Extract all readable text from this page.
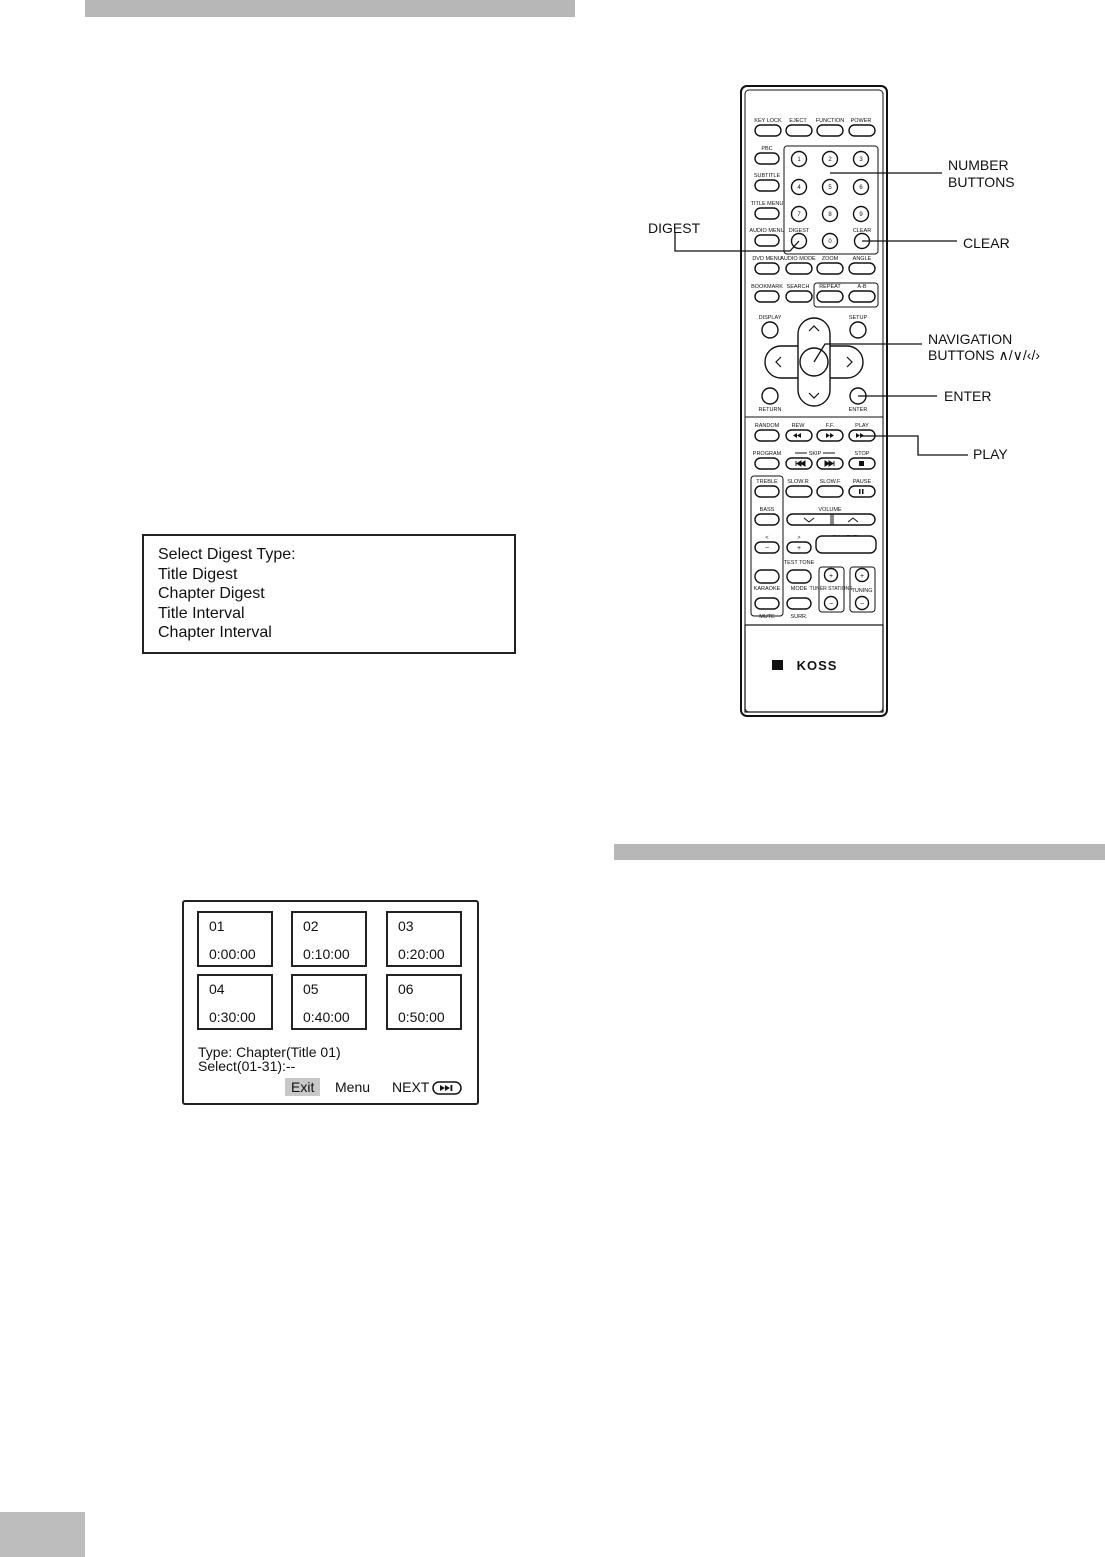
Select Digest Type:
Title Digest
Chapter Digest
Title Interval
Chapter Interval
01
0:00:00
02
0:10:00
03
0:20:00
04
0:30:00
05
0:40:00
06
0:50:00
Type: Chapter(Title 01)
Select(01-31):--
Exit	Menu NEXT
KEY LOCK EJECT FUNCTION POWER
PBC
SUBTITLE
TITLE MENU
AUDIO MENU DIGEST	CLEAR
DVD MENU
AUDIO MODE ZOOM	ANGLE
BOOKMARK SEARCH REPEAT	A-B
DISPLAY	SETUP
RETURN	ENTER
RANDOM REW	F.F.	PLAY
PROGRAM	SKIP	STOP
TREBLE SLOW.R SLOW.F PAUSE
BASS	VOLUME
<	>
TEST TONE
KARAOKE MODE	TUNING
TUNER STATIONS
MUTE	SURR.
1	2	3
4	5	6
7	8	9
0
−	+
+
−
+
−
KOSS
DIGEST
NUMBER
BUTTONS
CLEAR
NAVIGATION
BUTTONS ∧/∨/‹/›
ENTER
PLAY
